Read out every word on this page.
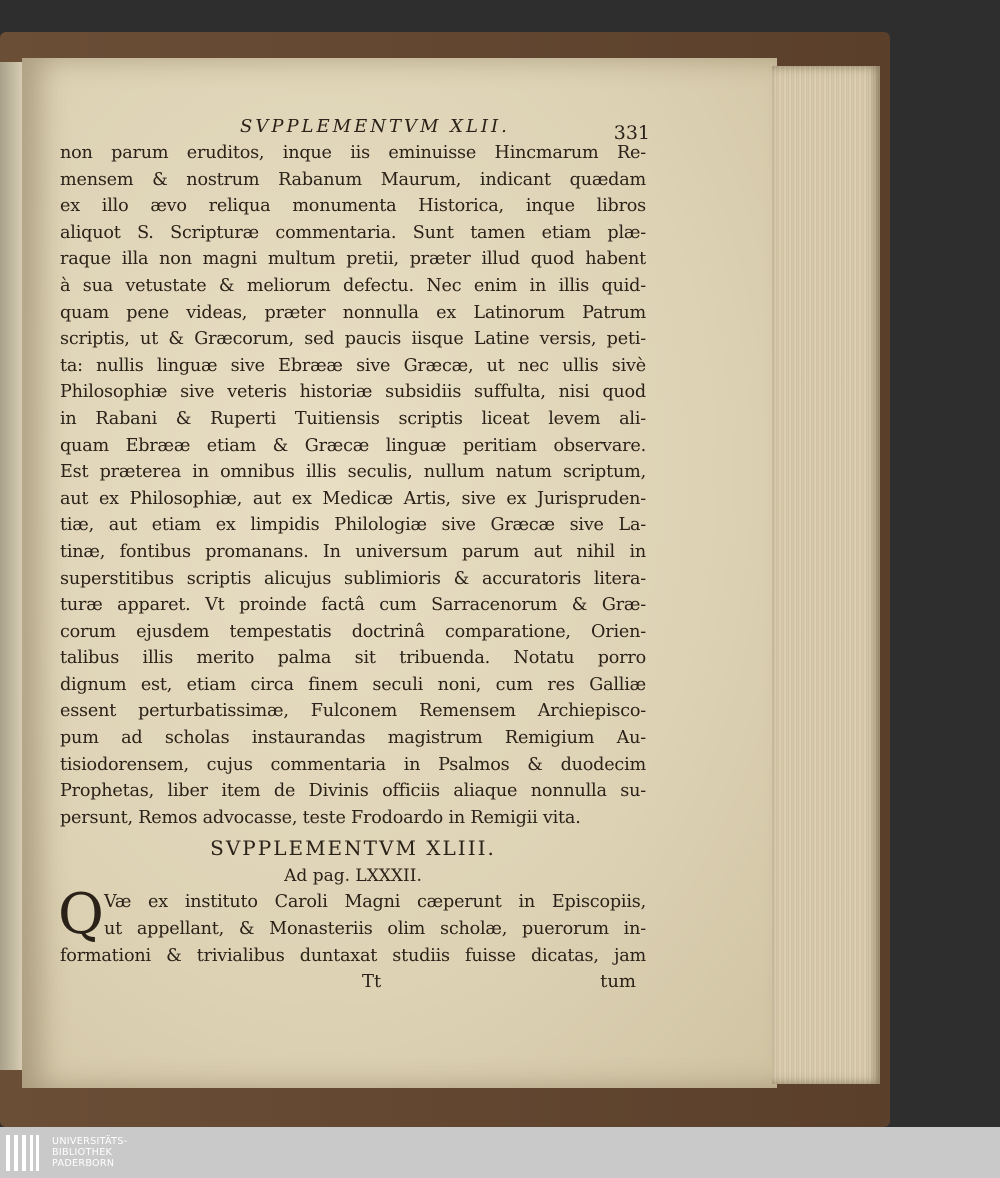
SVPPLEMENTVM XLII.	331
non parum eruditos, inque iis eminuisse Hincmarum Re-
mensem & nostrum Rabanum Maurum, indicant quædam
ex illo ævo reliqua monumenta Historica, inque libros
aliquot S. Scripturæ commentaria. Sunt tamen etiam plæ-
raque illa non magni multum pretii, præter illud quod habent
à sua vetustate & meliorum defectu. Nec enim in illis quid-
quam pene videas, præter nonnulla ex Latinorum Patrum
scriptis, ut & Græcorum, sed paucis iisque Latine versis, peti-
ta: nullis linguæ sive Ebrææ sive Græcæ, ut nec ullis sivè
Philosophiæ sive veteris historiæ subsidiis suffulta, nisi quod
in Rabani & Ruperti Tuitiensis scriptis liceat levem ali-
quam Ebrææ etiam & Græcæ linguæ peritiam observare.
Est præterea in omnibus illis seculis, nullum natum scriptum,
aut ex Philosophiæ, aut ex Medicæ Artis, sive ex Jurispruden-
tiæ, aut etiam ex limpidis Philologiæ sive Græcæ sive La-
tinæ, fontibus promanans. In universum parum aut nihil in
superstitibus scriptis alicujus sublimioris & accuratoris litera-
turæ apparet. Vt proinde factâ cum Sarracenorum & Græ-
corum ejusdem tempestatis doctrinâ comparatione, Orien-
talibus illis merito palma sit tribuenda. Notatu porro
dignum est, etiam circa finem seculi noni, cum res Galliæ
essent perturbatissimæ, Fulconem Remensem Archiepisco-
pum ad scholas instaurandas magistrum Remigium Au-
tisiodorensem, cujus commentaria in Psalmos & duodecim
Prophetas, liber item de Divinis officiis aliaque nonnulla su-
persunt, Remos advocasse, teste Frodoardo in Remigii vita.
SVPPLEMENTVM XLIII.
Ad pag. LXXXII.
Q Væ ex instituto Caroli Magni cæperunt in Episcopiis,
ut appellant, & Monasteriis olim scholæ, puerorum in-
formationi & trivialibus duntaxat studiis fuisse dicatas, jam
Tt	tum
UNIVERSITÄTS-
BIBLIOTHEK
PADERBORN
